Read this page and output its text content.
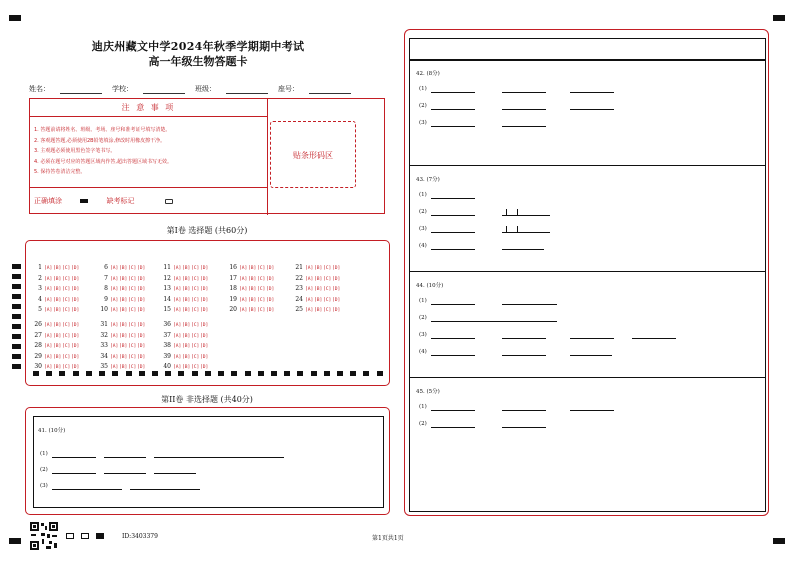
迪庆州藏文中学2024年秋季学期期中考试
高一年级生物答题卡
姓名：	学校：	班级：	座号：
注 意 事 项
1. 答题前请将姓名、班级、考场、座号和准考证号填写清楚。
2. 客观题答题,必须使用2B铅笔填涂,修改时用橡皮擦干净。
3. 主观题必须使用黑色签字笔书写。
4. 必须在题号对应的答题区域内作答,超出答题区域书写无效。
5. 保持答卷清洁完整。
正确填涂	缺考标记
贴条形码区
第I卷 选择题 (共60分)
1 [A][B][C][D]
2 [A][B][C][D]
3 [A][B][C][D]
4 [A][B][C][D]
5 [A][B][C][D]
6 [A][B][C][D]
7 [A][B][C][D]
8 [A][B][C][D]
9 [A][B][C][D]
10 [A][B][C][D]
11 [A][B][C][D]
12 [A][B][C][D]
13 [A][B][C][D]
14 [A][B][C][D]
15 [A][B][C][D]
16 [A][B][C][D]
17 [A][B][C][D]
18 [A][B][C][D]
19 [A][B][C][D]
20 [A][B][C][D]
21 [A][B][C][D]
22 [A][B][C][D]
23 [A][B][C][D]
24 [A][B][C][D]
25 [A][B][C][D]
26 [A][B][C][D]
27 [A][B][C][D]
28 [A][B][C][D]
29 [A][B][C][D]
30 [A][B][C][D]
31 [A][B][C][D]
32 [A][B][C][D]
33 [A][B][C][D]
34 [A][B][C][D]
35 [A][B][C][D]
36 [A][B][C][D]
37 [A][B][C][D]
38 [A][B][C][D]
39 [A][B][C][D]
40 [A][B][C][D]
第II卷 非选择题 (共40分)
41. (10分)
(1)
(2)
(3)
42. (8分)
(1)
(2)
(3)
43. (7分)
(1)
(2)
(3)
(4)
44. (10分)
(1)
(2)
(3)
(4)
45. (5分)
(1)
(2)
ID:3403379	第1页共1页
